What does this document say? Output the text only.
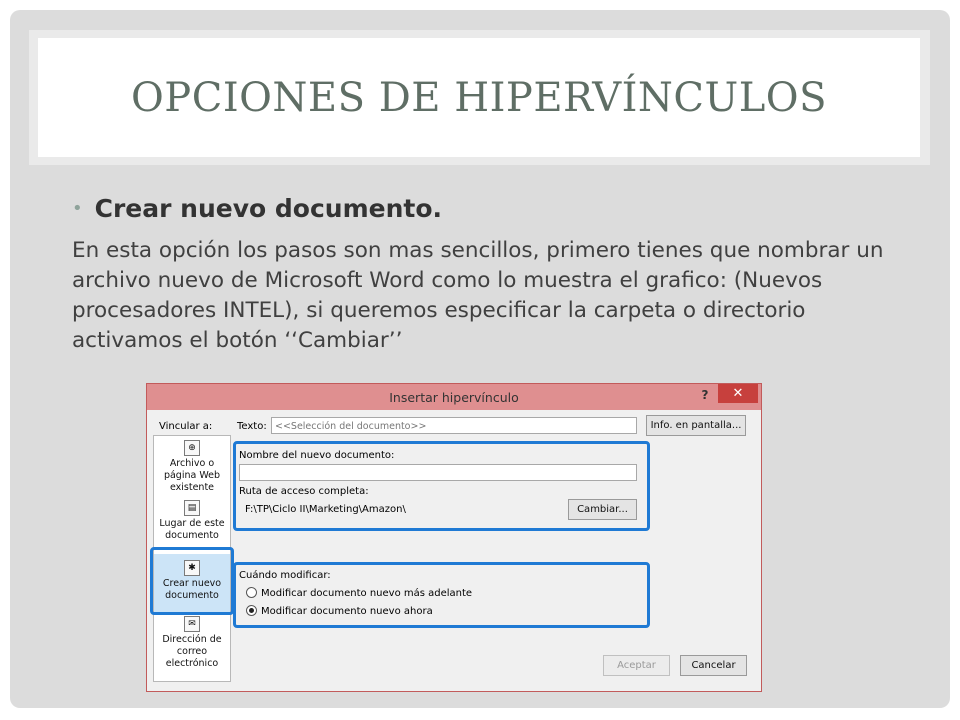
OPCIONES DE HIPERVÍNCULOS
• Crear nuevo documento.
En esta opción los pasos son mas sencillos, primero tienes que nombrar un archivo nuevo de Microsoft Word como lo muestra el grafico: (Nuevos procesadores INTEL), si queremos especificar la carpeta o directorio activamos el botón ‘‘Cambiar’’
Insertar hipervínculo	?	✕
Vincular a: Texto: <<Selección del documento>>	Info. en pantalla...
⊕
Archivo o página Web existente
▤
Lugar de este documento
✱
Crear nuevo documento
✉
Dirección de correo electrónico
Nombre del nuevo documento:
Ruta de acceso completa:
F:\TP\Ciclo II\Marketing\Amazon\	Cambiar...
Cuándo modificar:
Modificar documento nuevo más adelante
Modificar documento nuevo ahora
Aceptar	Cancelar
